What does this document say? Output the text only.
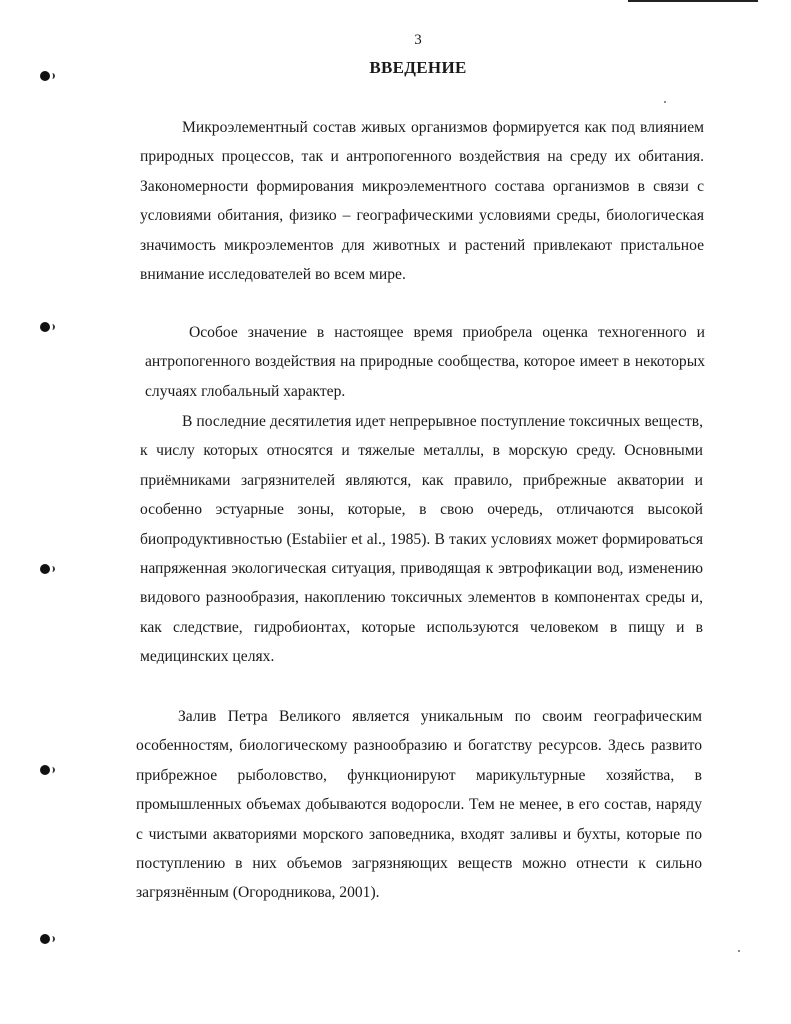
3
ВВЕДЕНИЕ

Микроэлементный состав живых организмов формируется как под влиянием природных процессов, так и антропогенного воздействия на среду их обитания. Закономерности формирования микроэлементного состава организмов в связи с условиями обитания, физико – географическими условиями среды, биологическая значимость микроэлементов для животных и растений привлекают пристальное внимание исследователей во всем мире.

Особое значение в настоящее время приобрела оценка техногенного и антропогенного воздействия на природные сообщества, которое имеет в некоторых случаях глобальный характер.

В последние десятилетия идет непрерывное поступление токсичных веществ, к числу которых относятся и тяжелые металлы, в морскую среду. Основными приёмниками загрязнителей являются, как правило, прибрежные акватории и особенно эстуарные зоны, которые, в свою очередь, отличаются высокой биопродуктивностью (Estabiier et al., 1985). В таких условиях может формироваться напряженная экологическая ситуация, приводящая к эвтрофикации вод, изменению видового разнообразия, накоплению токсичных элементов в компонентах среды и, как следствие, гидробионтах, которые используются человеком в пищу и в медицинских целях.

Залив Петра Великого является уникальным по своим географическим особенностям, биологическому разнообразию и богатству ресурсов. Здесь развито прибрежное рыболовство, функционируют марикультурные хозяйства, в промышленных объемах добываются водоросли. Тем не менее, в его состав, наряду с чистыми акваториями морского заповедника, входят заливы и бухты, которые по поступлению в них объемов загрязняющих веществ можно отнести к сильно загрязнённым (Огородникова, 2001).
